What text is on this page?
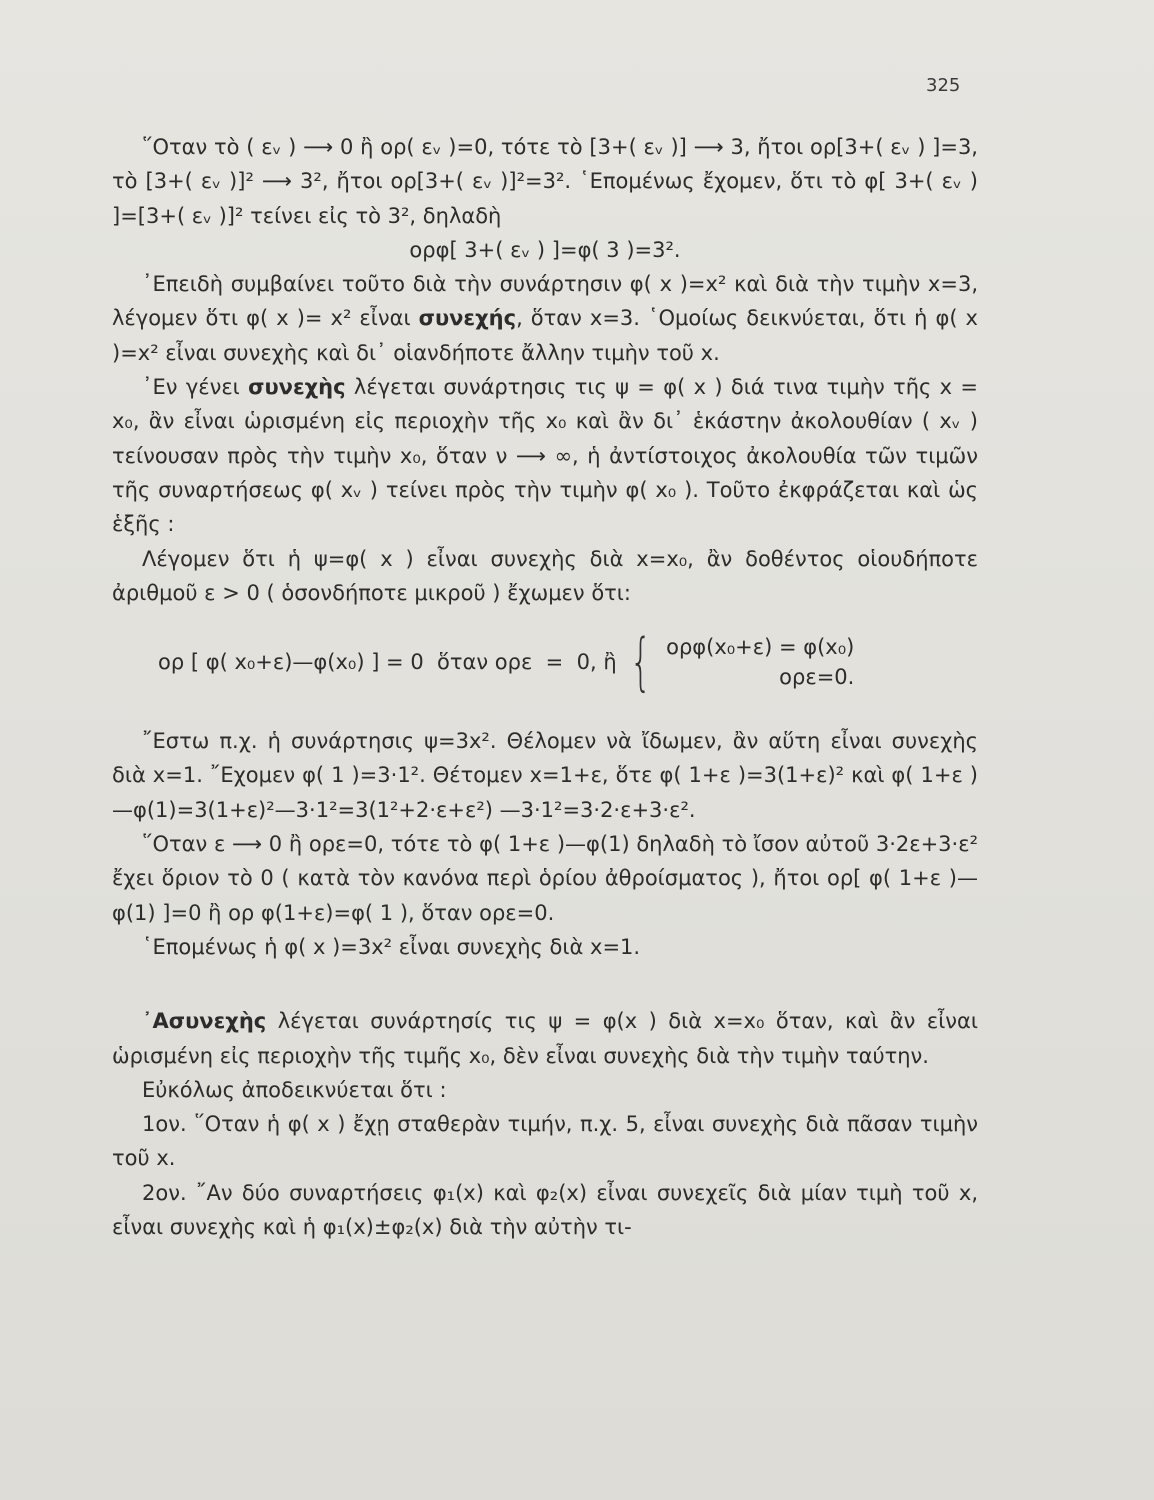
325

῞Οταν τὸ ( εᵥ ) ⟶ 0 ἢ ορ( εᵥ )=0, τότε τὸ [3+( εᵥ )] ⟶ 3, ἤτοι ορ[3+( εᵥ ) ]=3, τὸ [3+( εᵥ )]² ⟶ 3², ἤτοι ορ[3+( εᵥ )]²=3². ῾Επομένως ἔχομεν, ὅτι τὸ φ[ 3+( εᵥ ) ]=[3+( εᵥ )]² τείνει εἰς τὸ 3², δηλαδὴ

ορφ[ 3+( εᵥ ) ]=φ( 3 )=3².

᾿Επειδὴ συμβαίνει τοῦτο διὰ τὴν συνάρτησιν φ( x )=x² καὶ διὰ τὴν τιμὴν x=3, λέγομεν ὅτι φ( x )= x² εἶναι συνεχής, ὅταν x=3. ῾Ομοίως δεικνύεται, ὅτι ἡ φ( x )=x² εἶναι συνεχὴς καὶ δι᾿ οἱανδήποτε ἄλλην τιμὴν τοῦ x.

᾿Εν γένει συνεχὴς λέγεται συνάρτησις τις ψ = φ( x ) διά τινα τιμὴν τῆς x = x₀, ἂν εἶναι ὡρισμένη εἰς περιοχὴν τῆς x₀ καὶ ἂν δι᾿ ἑκάστην ἀκολουθίαν ( xᵥ ) τείνουσαν πρὸς τὴν τιμὴν x₀, ὅταν ν ⟶ ∞, ἡ ἀντίστοιχος ἀκολουθία τῶν τιμῶν τῆς συναρτήσεως φ( xᵥ ) τείνει πρὸς τὴν τιμὴν φ( x₀ ). Τοῦτο ἐκφράζεται καὶ ὡς ἑξῆς :

Λέγομεν ὅτι ἡ ψ=φ( x ) εἶναι συνεχὴς διὰ x=x₀, ἂν δοθέντος οἱουδήποτε ἀριθμοῦ ε > 0 ( ὁσονδήποτε μικροῦ ) ἔχωμεν ὅτι:

ορ [ φ( x₀+ε)—φ(x₀) ] = 0  ὅταν ορε  =  0, ἢ { ορφ(x₀+ε) = φ(x₀)
ορε=0.

῎Εστω π.χ. ἡ συνάρτησις ψ=3x². Θέλομεν νὰ ἴδωμεν, ἂν αὕτη εἶναι συνεχὴς διὰ x=1. ῎Εχομεν φ( 1 )=3·1². Θέτομεν x=1+ε, ὅτε φ( 1+ε )=3(1+ε)² καὶ φ( 1+ε )—φ(1)=3(1+ε)²—3·1²=3(1²+2·ε+ε²) —3·1²=3·2·ε+3·ε².

῞Οταν ε ⟶ 0 ἢ ορε=0, τότε τὸ φ( 1+ε )—φ(1) δηλαδὴ τὸ ἴσον αὐτοῦ 3·2ε+3·ε² ἔχει ὅριον τὸ 0 ( κατὰ τὸν κανόνα περὶ ὁρίου ἀθροίσματος ), ἤτοι ορ[ φ( 1+ε )— φ(1) ]=0 ἢ ορ φ(1+ε)=φ( 1 ), ὅταν ορε=0.

῾Επομένως ἡ φ( x )=3x² εἶναι συνεχὴς διὰ x=1.

᾿Ασυνεχὴς λέγεται συνάρτησίς τις ψ = φ(x ) διὰ x=x₀ ὅταν, καὶ ἂν εἶναι ὡρισμένη εἰς περιοχὴν τῆς τιμῆς x₀, δὲν εἶναι συνεχὴς διὰ τὴν τιμὴν ταύτην.

Εὐκόλως ἀποδεικνύεται ὅτι :

1ον. ῞Οταν ἡ φ( x ) ἔχῃ σταθερὰν τιμήν, π.χ. 5, εἶναι συνεχὴς διὰ πᾶσαν τιμὴν τοῦ x.

2ον. ῎Αν δύο συναρτήσεις φ₁(x) καὶ φ₂(x) εἶναι συνεχεῖς διὰ μίαν τιμὴ τοῦ x, εἶναι συνεχὴς καὶ ἡ φ₁(x)±φ₂(x) διὰ τὴν αὐτὴν τι-
